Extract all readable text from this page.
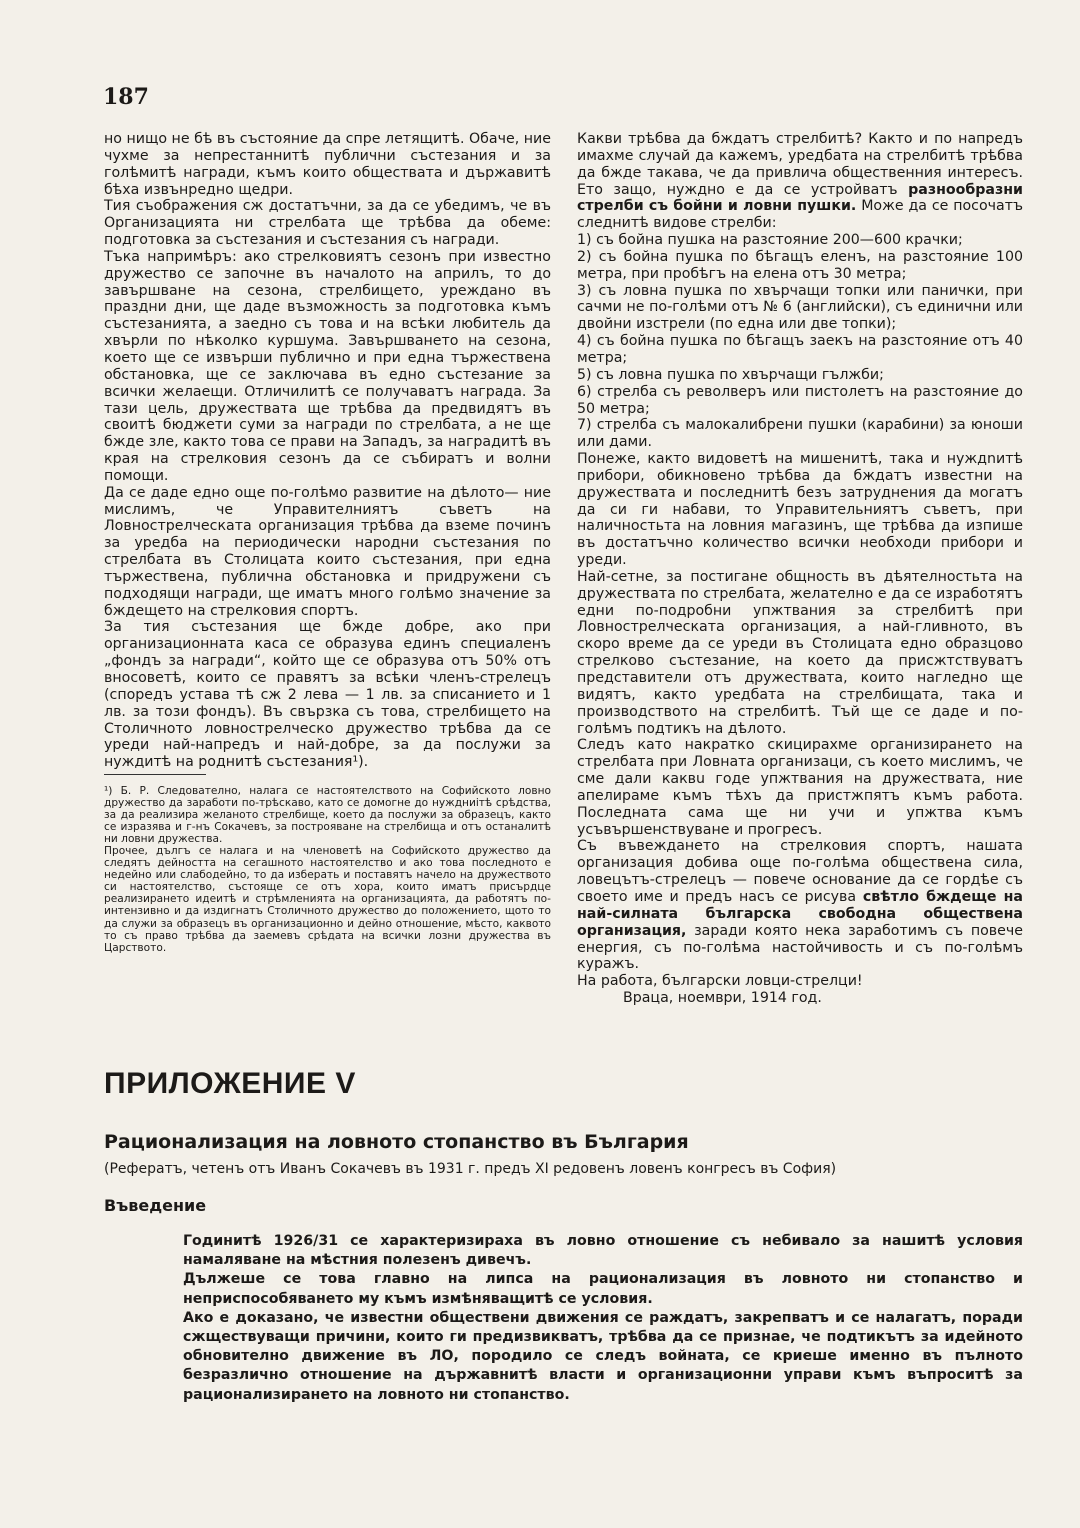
187

но нищо не бѣ въ състояние да спре летящитѣ. Обаче, ние чухме за непрестаннитѣ публични състезания и за голѣмитѣ награди, къмъ които обществата и държавитѣ бѣха извънредно щедри.

Тия съображения сж достатъчни, за да се убедимъ, че въ Организацията ни стрелбата ще трѣбва да обеме: подготовка за състезания и състезания съ награди.

Тъка напримѣръ: ако стрелковиятъ сезонъ при известно дружество се започне въ началото на априлъ, то до завършване на сезона, стрелбището, уреждано въ праздни дни, ще даде възможность за подготовка къмъ състезанията, а заедно съ това и на всѣки любитель да хвърли по нѣколко куршума. Завършването на сезона, което ще се извърши публично и при една тържествена обстановка, ще се заключава въ едно състезание за всички желаещи. Отличилитѣ се получаватъ награда. За тази цель, дружествата ще трѣбва да предвидятъ въ своитѣ бюджети суми за награди по стрелбата, а не ще бжде зле, както това се прави на Западъ, за наградитѣ въ края на стрелковия сезонъ да се събиратъ и волни помощи.

Да се даде едно още по-голѣмо развитие на дѣлото— ние мислимъ, че Управителниятъ съветъ на Ловнострелческата организация трѣбва да вземе починъ за уредба на периодически народни състезания по стрелбата въ Столицата които състезания, при една тържествена, публична обстановка и придружени съ подходящи награди, ще иматъ много голѣмо значение за бждещето на стрелковия спортъ.

За тия състезания ще бжде добре, ако при организационната каса се образува единъ специаленъ „фондъ за награди“, който ще се образува отъ 50% отъ вносоветѣ, които се правятъ за всѣки членъ-стрелецъ (споредъ устава тѣ сж 2 лева — 1 лв. за списанието и 1 лв. за този фондъ). Въ свързка съ това, стрелбището на Столичното ловнострелческо дружество трѣбва да се уреди най-напредъ и най-добре, за да послужи за нуждитѣ на роднитѣ състезания¹).

¹) Б. Р. Следователно, налага се настоятелството на Софийското ловно дружество да заработи по-трѣскаво, като се домогне до нуждниiтѣ срѣдства, за да реализира желаното стрелбище, което да послужи за образецъ, както се изразява и г-нъ Сокачевъ, за построяване на стрелбища и отъ останалитѣ ни ловни дружества.

Прочее, дългъ се налага и на членоветѣ на Софийското дружество да следятъ дейността на сегашното настоятелство и ако това последното е недейно или слабодейно, то да изберать и поставятъ начело на дружеството си настоятелство, състояще се отъ хора, които иматъ присърдце реализирането идеитѣ и стрѣмленията на организацията, да работятъ по-интензивно и да издигнатъ Столичното дружество до положението, щото то да служи за образецъ въ организационно и дейно отношение, мѣсто, каквото то съ право трѣбва да заемевъ срѣдата на всички лозни дружества въ Царството.

Какви трѣбва да бждатъ стрелбитѣ? Както и по напредъ имахме случай да кажемъ, уредбата на стрелбитѣ трѣбва да бжде такава, че да привлича общественния интересъ. Ето защо, нуждно е да се устройватъ разнообразни стрелби съ бойни и ловни пушки. Може да се посочатъ следнитѣ видове стрелби:

1) съ бойна пушка на разстояние 200—600 крачки;

2) съ бойна пушка по бѣгащъ еленъ, на разстояние 100 метра, при пробѣгъ на елена отъ 30 метра;

3) съ ловна пушка по хвърчащи топки или панички, при сачми не по-голѣми отъ № 6 (английски), съ единични или двойни изстрели (по една или две топки);

4) съ бойна пушка по бѣгащъ заекъ на разстояние отъ 40 метра;

5) съ ловна пушка по хвърчащи гължби;

6) стрелба съ револверъ или пистолетъ на разстояние до 50 метра;

7) стрелба съ малокалибрени пушки (карабини) за юноши или дами.

Понеже, както видоветѣ на мишенитѣ, така и нуждnитѣ прибори, обикновено трѣбва да бждатъ известни на дружествата и последнитѣ безъ затруднения да могатъ да си ги набави, то Управительниятъ съветъ, при наличностьта на ловния магазинъ, ще трѣбва да изпише въ достатъчно количество всички необходи прибори и уреди.

Най-сетне, за постигане общность въ дѣятелностьта на дружествата по стрелбата, желателно е да се изработятъ едни по-подробни упжтвания за стрелбитѣ при Ловнострелческата организация, а най-гливното, въ скоро време да се уреди въ Столицата едно образцово стрелково състезание, на което да присжтствуватъ представители отъ дружествата, които нагледно ще видятъ, както уредбата на стрелбищата, така и производството на стрелбитѣ. Тъй ще се даде и по-голѣмъ подтикъ на дѣлото.

Следъ като накратко скицирахме организирането на стрелбата при Ловната организаци, съ което мислимъ, че сме дали каквu годе упжтвания на дружествата, ние апелираме къмъ тѣхъ да пристжпятъ къмъ работа. Последната сама ще ни учи и упжтва къмъ усъвършенствуване и прогресъ.

Съ въвеждането на стрелковия спортъ, нашата организация добива още по-голѣма обществена сила, ловецътъ-стрелецъ — повече основание да се гордѣе съ своето име и предъ насъ се рисува свѣтло бждеще на най-силната българска свободна обществена организация, заради която нека заработимъ съ повече енергия, съ по-голѣма настойчивость и съ по-голѣмъ куражъ.

На работа, български ловци-стрелци!

Враца, ноември, 1914 год.

ПРИЛОЖЕНИЕ V
Рационализация на ловното стопанство въ България
(Рефератъ, четенъ отъ Иванъ Сокачевъ въ 1931 г. предъ XI редовенъ ловенъ конгресъ въ София)
Въведение

Годинитѣ 1926/31 се характеризираха въ ловно отношение съ небивало за нашитѣ условия намаляване на мѣстния полезенъ дивечъ.

Дължеше се това главно на липса на рационализация въ ловното ни стопанство и неприспособяването му къмъ измѣняващитѣ се условия.

Ако е доказано, че известни обществени движения се раждатъ, закрепватъ и се налагатъ, поради сжществуващи причини, които ги предизвикватъ, трѣбва да се признае, че подтикътъ за идейното обновително движение въ ЛО, породило се следъ войната, се криеше именно въ пълното безразлично отношение на държавнитѣ власти и организационни управи къмъ въпроситѣ за рационализирането на ловното ни стопанство.
